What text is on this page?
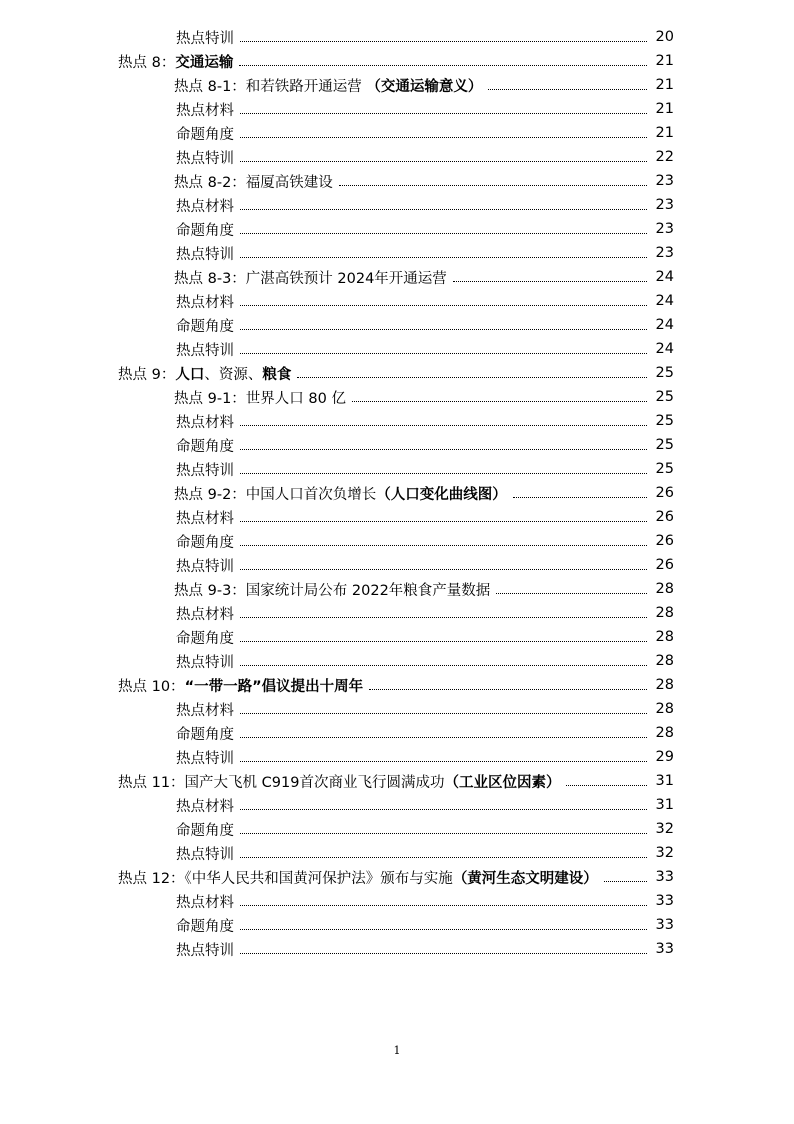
热点特训	20
热点 8：交通运输	21
热点 8-1：和若铁路开通运营 （交通运输意义）	21
热点材料	21
命题角度	21
热点特训	22
热点 8-2：福厦高铁建设	23
热点材料	23
命题角度	23
热点特训	23
热点 8-3：广湛高铁预计 2024年开通运营	24
热点材料	24
命题角度	24
热点特训	24
热点 9：人口、资源、粮食	25
热点 9-1：世界人口 80 亿	25
热点材料	25
命题角度	25
热点特训	25
热点 9-2：中国人口首次负增长（人口变化曲线图）	26
热点材料	26
命题角度	26
热点特训	26
热点 9-3：国家统计局公布 2022年粮食产量数据	28
热点材料	28
命题角度	28
热点特训	28
热点 10：“一带一路”倡议提出十周年	28
热点材料	28
命题角度	28
热点特训	29
热点 11：国产大飞机 C919首次商业飞行圆满成功（工业区位因素）	31
热点材料	31
命题角度	32
热点特训	32
热点 12：《中华人民共和国黄河保护法》颁布与实施（黄河生态文明建设）	33
热点材料	33
命题角度	33
热点特训	33
1
